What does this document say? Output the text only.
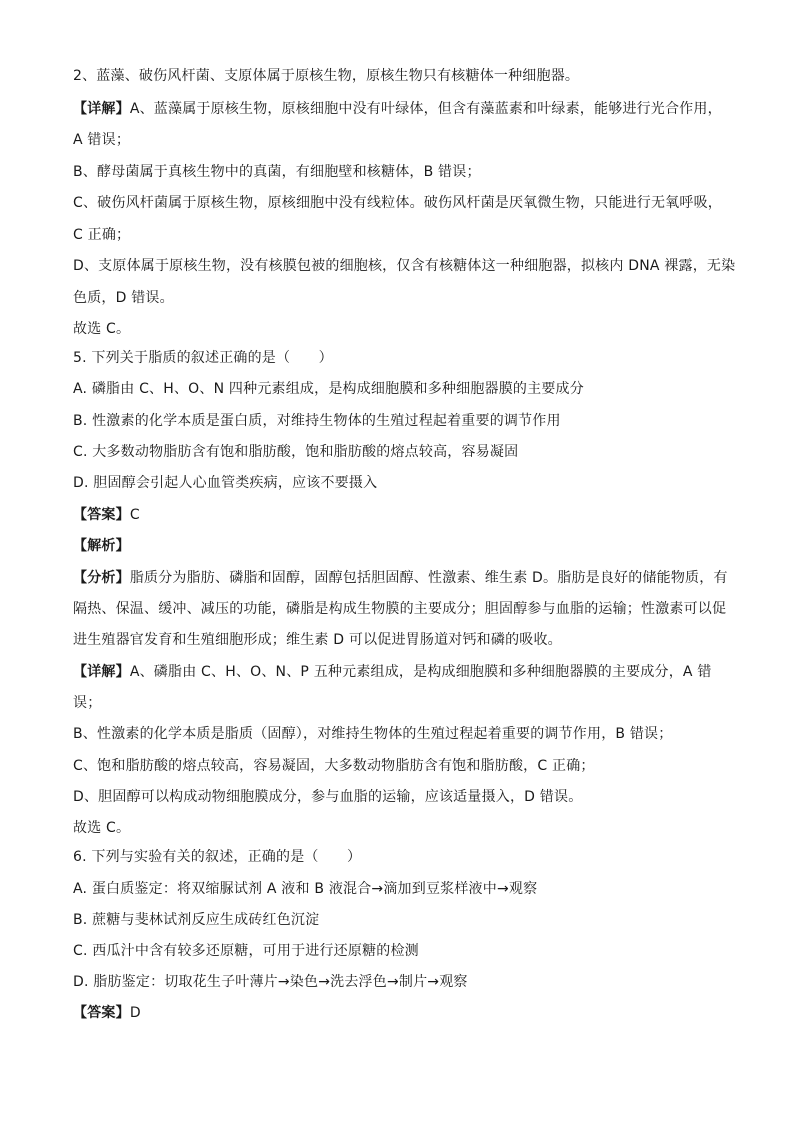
2、蓝藻、破伤风杆菌、支原体属于原核生物，原核生物只有核糖体一种细胞器。
【详解】A、蓝藻属于原核生物，原核细胞中没有叶绿体，但含有藻蓝素和叶绿素，能够进行光合作用，
A 错误；
B、酵母菌属于真核生物中的真菌，有细胞壁和核糖体，B 错误；
C、破伤风杆菌属于原核生物，原核细胞中没有线粒体。破伤风杆菌是厌氧微生物，只能进行无氧呼吸，
C 正确；
D、支原体属于原核生物，没有核膜包被的细胞核，仅含有核糖体这一种细胞器，拟核内 DNA 裸露，无染
色质，D 错误。
故选 C。
5. 下列关于脂质的叙述正确的是（　　）
A. 磷脂由 C、H、O、N 四种元素组成，是构成细胞膜和多种细胞器膜的主要成分
B. 性激素的化学本质是蛋白质，对维持生物体的生殖过程起着重要的调节作用
C. 大多数动物脂肪含有饱和脂肪酸，饱和脂肪酸的熔点较高，容易凝固
D. 胆固醇会引起人心血管类疾病，应该不要摄入
【答案】C
【解析】
【分析】脂质分为脂肪、磷脂和固醇，固醇包括胆固醇、性激素、维生素 D。脂肪是良好的储能物质，有
隔热、保温、缓冲、减压的功能，磷脂是构成生物膜的主要成分；胆固醇参与血脂的运输；性激素可以促
进生殖器官发育和生殖细胞形成；维生素 D 可以促进胃肠道对钙和磷的吸收。
【详解】A、磷脂由 C、H、O、N、P 五种元素组成，是构成细胞膜和多种细胞器膜的主要成分，A 错
误；
B、性激素的化学本质是脂质（固醇），对维持生物体的生殖过程起着重要的调节作用，B 错误；
C、饱和脂肪酸的熔点较高，容易凝固，大多数动物脂肪含有饱和脂肪酸，C 正确；
D、胆固醇可以构成动物细胞膜成分，参与血脂的运输，应该适量摄入，D 错误。
故选 C。
6. 下列与实验有关的叙述，正确的是（　　）
A. 蛋白质鉴定：将双缩脲试剂 A 液和 B 液混合→滴加到豆浆样液中→观察
B. 蔗糖与斐林试剂反应生成砖红色沉淀
C. 西瓜汁中含有较多还原糖，可用于进行还原糖的检测
D. 脂肪鉴定：切取花生子叶薄片→染色→洗去浮色→制片→观察
【答案】D
